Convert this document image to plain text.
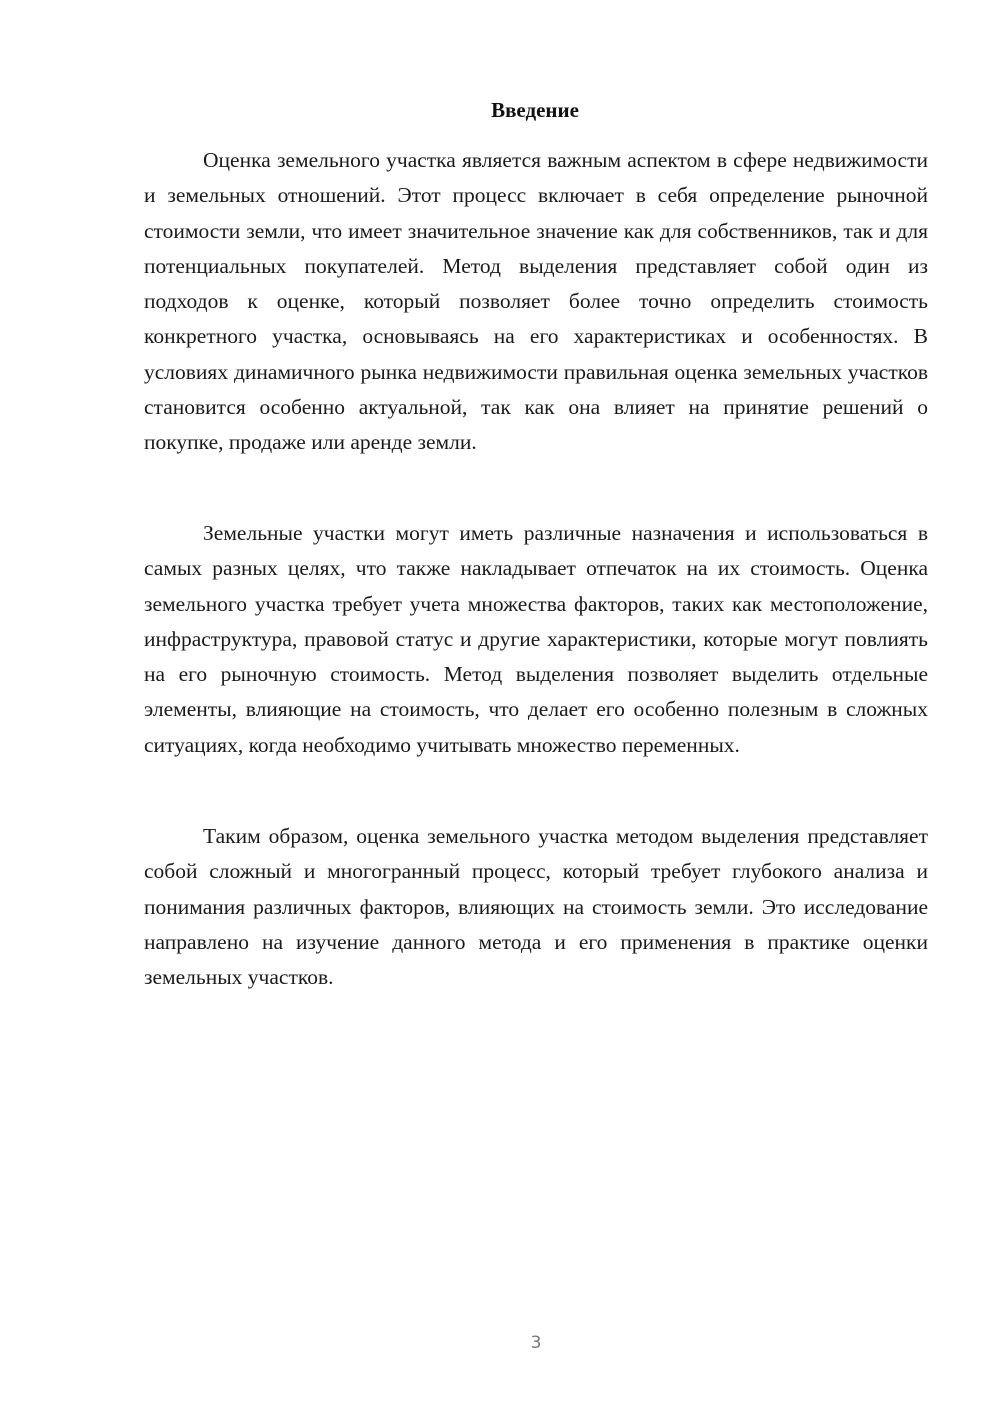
Введение

Оценка земельного участка является важным аспектом в сфере недвижимости и земельных отношений. Этот процесс включает в себя определение рыночной стоимости земли, что имеет значительное значение как для собственников, так и для потенциальных покупателей. Метод выделения представляет собой один из подходов к оценке, который позволяет более точно определить стоимость конкретного участка, основываясь на его характеристиках и особенностях. В условиях динамичного рынка недвижимости правильная оценка земельных участков становится особенно актуальной, так как она влияет на принятие решений о покупке, продаже или аренде земли.

Земельные участки могут иметь различные назначения и использоваться в самых разных целях, что также накладывает отпечаток на их стоимость. Оценка земельного участка требует учета множества факторов, таких как местоположение, инфраструктура, правовой статус и другие характеристики, которые могут повлиять на его рыночную стоимость. Метод выделения позволяет выделить отдельные элементы, влияющие на стоимость, что делает его особенно полезным в сложных ситуациях, когда необходимо учитывать множество переменных.

Таким образом, оценка земельного участка методом выделения представляет собой сложный и многогранный процесс, который требует глубокого анализа и понимания различных факторов, влияющих на стоимость земли. Это исследование направлено на изучение данного метода и его применения в практике оценки земельных участков.

3
